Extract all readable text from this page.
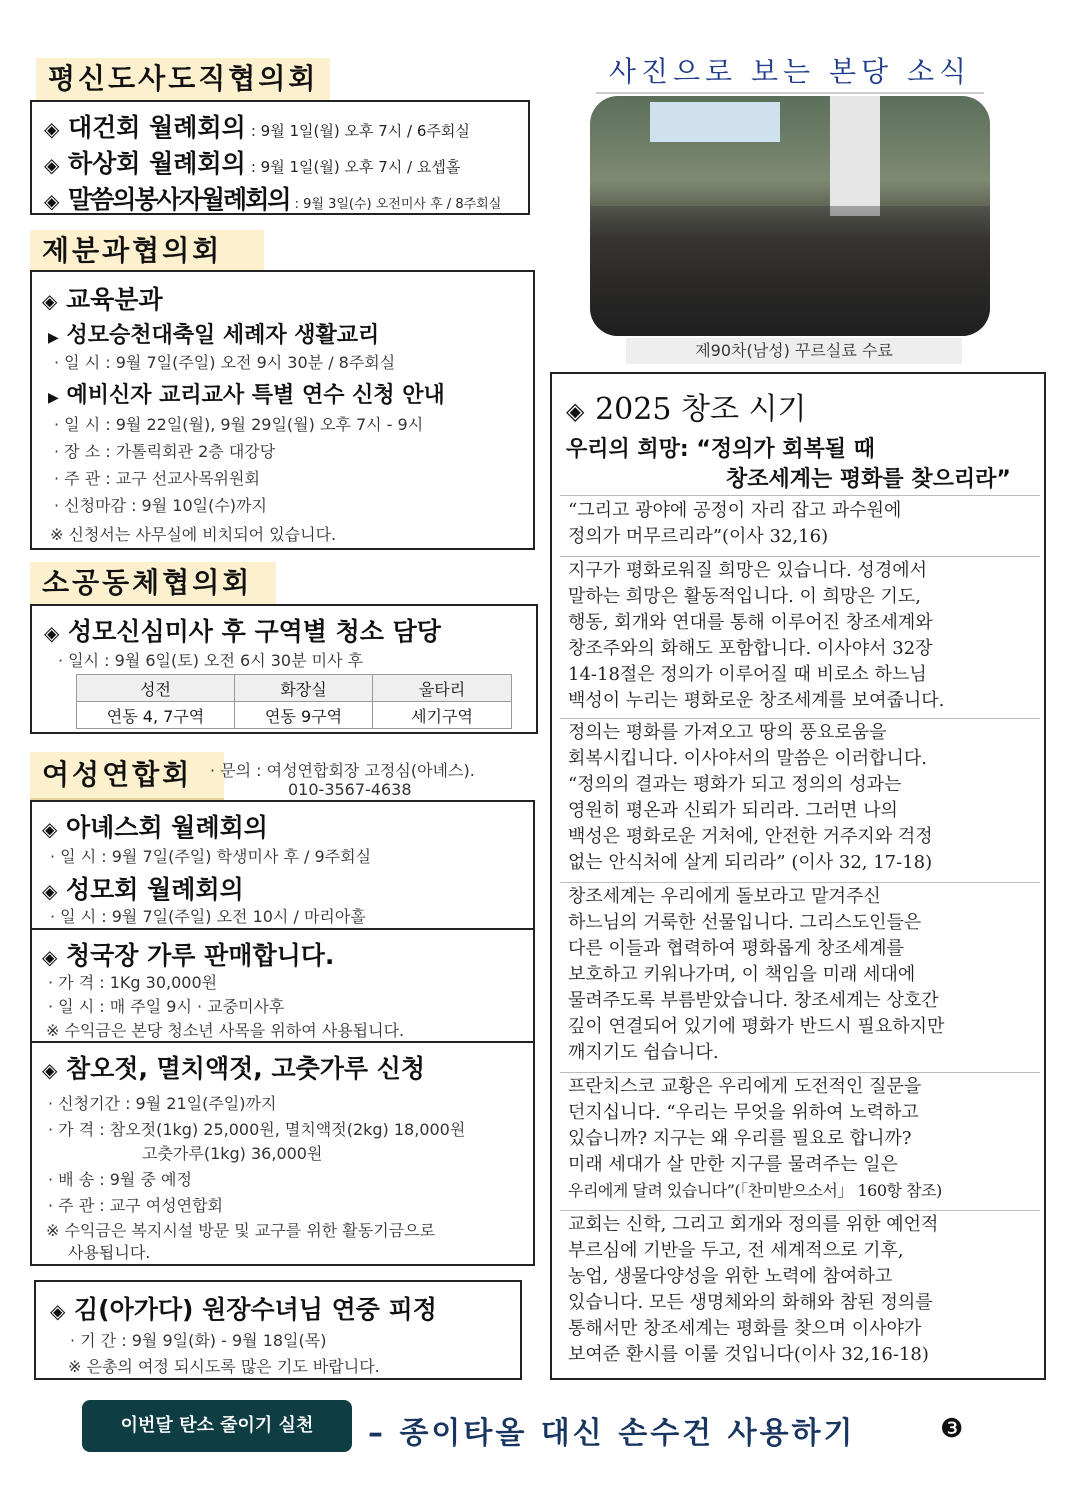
평신도사도직협의회
◈ 대건회 월례회의 : 9월 1일(월) 오후 7시 / 6주회실
◈ 하상회 월례회의 : 9월 1일(월) 오후 7시 / 요셉홀
◈ 말씀의봉사자월례회의 : 9월 3일(수) 오전미사 후 / 8주회실
제분과협의회
◈ 교육분과
▶ 성모승천대축일 세례자 생활교리
· 일 시 : 9월 7일(주일) 오전 9시 30분 / 8주회실
▶ 예비신자 교리교사 특별 연수 신청 안내
· 일 시 : 9월 22일(월), 9월 29일(월) 오후 7시 - 9시
· 장 소 : 가톨릭회관 2층 대강당
· 주 관 : 교구 선교사목위원회
· 신청마감 : 9월 10일(수)까지
※ 신청서는 사무실에 비치되어 있습니다.
소공동체협의회
◈ 성모신심미사 후 구역별 청소 담당
· 일시 : 9월 6일(토) 오전 6시 30분 미사 후
성전	화장실	울타리
연동 4, 7구역	연동 9구역	세기구역
여성연합회	· 문의 : 여성연합회장 고정심(아녜스).
010-3567-4638
◈ 아녜스회 월례회의
· 일 시 : 9월 7일(주일) 학생미사 후 / 9주회실
◈ 성모회 월례회의
· 일 시 : 9월 7일(주일) 오전 10시 / 마리아홀
◈ 청국장 가루 판매합니다.
· 가 격 : 1Kg 30,000원
· 일 시 : 매 주일 9시 · 교중미사후
※ 수익금은 본당 청소년 사목을 위하여 사용됩니다.
◈ 참오젓, 멸치액젓, 고춧가루 신청
· 신청기간 : 9월 21일(주일)까지
· 가 격 : 참오젓(1kg) 25,000원, 멸치액젓(2kg) 18,000원
고춧가루(1kg) 36,000원
· 배 송 : 9월 중 예정
· 주 관 : 교구 여성연합회
※ 수익금은 복지시설 방문 및 교구를 위한 활동기금으로
사용됩니다.
◈ 김(아가다) 원장수녀님 연중 피정
· 기 간 : 9월 9일(화) - 9월 18일(목)
※ 은총의 여정 되시도록 많은 기도 바랍니다.
사진으로 보는 본당 소식
제90차(남성) 꾸르실료 수료
◈ 2025 창조 시기
우리의 희망: “정의가 회복될 때
창조세계는 평화를 찾으리라”
“그리고 광야에 공정이 자리 잡고 과수원에
정의가 머무르리라”(이사 32,16)
지구가 평화로워질 희망은 있습니다. 성경에서
말하는 희망은 활동적입니다. 이 희망은 기도,
행동, 회개와 연대를 통해 이루어진 창조세계와
창조주와의 화해도 포함합니다. 이사야서 32장
14-18절은 정의가 이루어질 때 비로소 하느님
백성이 누리는 평화로운 창조세계를 보여줍니다.
정의는 평화를 가져오고 땅의 풍요로움을
회복시킵니다. 이사야서의 말씀은 이러합니다.
“정의의 결과는 평화가 되고 정의의 성과는
영원히 평온과 신뢰가 되리라. 그러면 나의
백성은 평화로운 거처에, 안전한 거주지와 걱정
없는 안식처에 살게 되리라” (이사 32, 17-18)
창조세계는 우리에게 돌보라고 맡겨주신
하느님의 거룩한 선물입니다. 그리스도인들은
다른 이들과 협력하여 평화롭게 창조세계를
보호하고 키워나가며, 이 책임을 미래 세대에
물려주도록 부름받았습니다. 창조세계는 상호간
깊이 연결되어 있기에 평화가 반드시 필요하지만
깨지기도 쉽습니다.
프란치스코 교황은 우리에게 도전적인 질문을
던지십니다. “우리는 무엇을 위하여 노력하고
있습니까? 지구는 왜 우리를 필요로 합니까?
미래 세대가 살 만한 지구를 물려주는 일은
우리에게 달려 있습니다”(「찬미받으소서」 160항 참조)
교회는 신학, 그리고 회개와 정의를 위한 예언적
부르심에 기반을 두고, 전 세계적으로 기후,
농업, 생물다양성을 위한 노력에 참여하고
있습니다. 모든 생명체와의 화해와 참된 정의를
통해서만 창조세계는 평화를 찾으며 이사야가
보여준 환시를 이룰 것입니다(이사 32,16-18)
이번달 탄소 줄이기 실천	– 종이타올 대신 손수건 사용하기	❸
